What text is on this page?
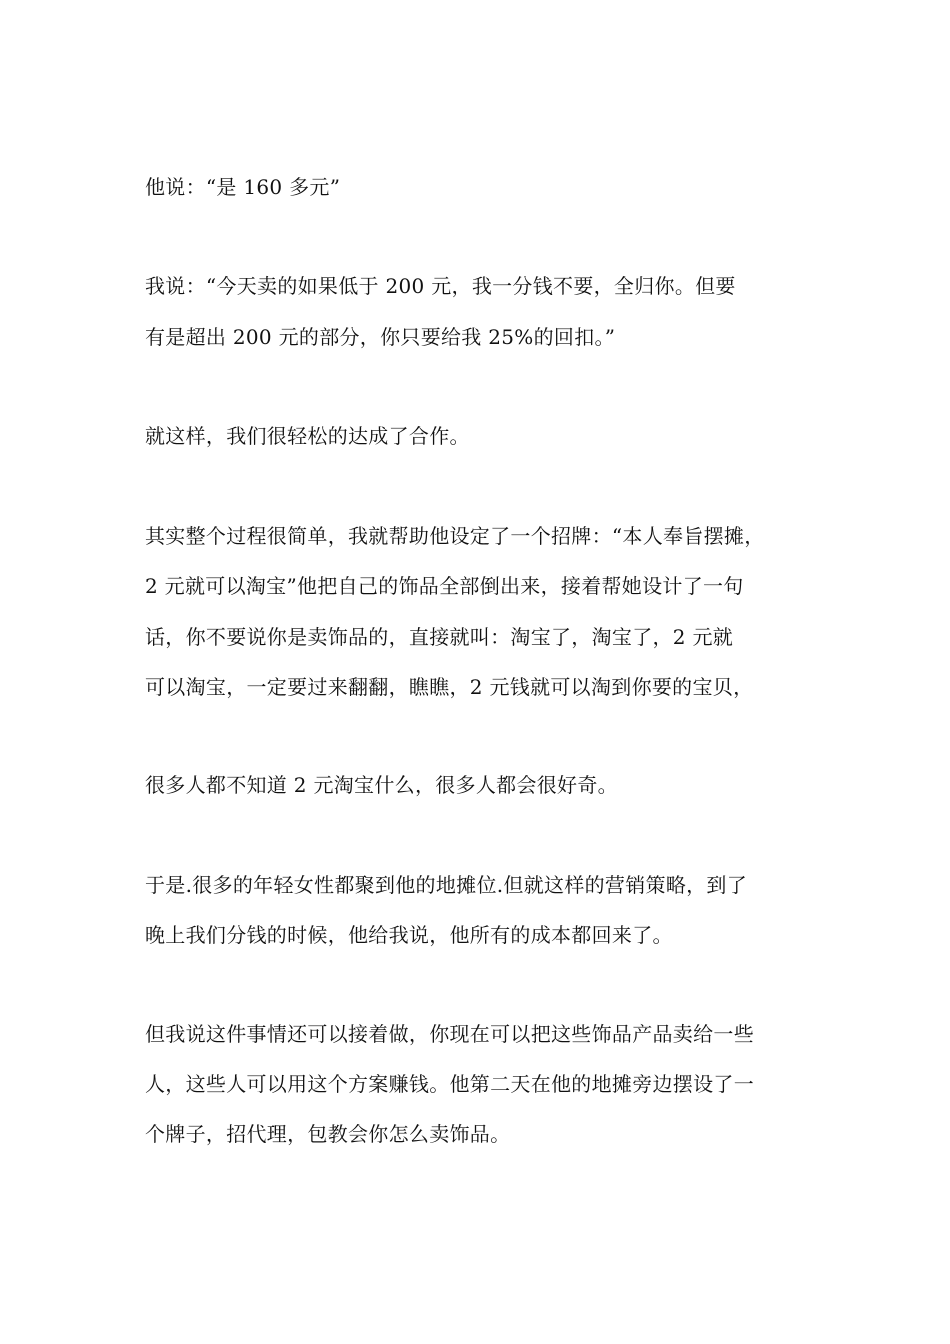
他说：“是 160 多元”
我说：“今天卖的如果低于 200 元，我一分钱不要，全归你。但要
有是超出 200 元的部分，你只要给我 25%的回扣。”
就这样，我们很轻松的达成了合作。
其实整个过程很简单，我就帮助他设定了一个招牌：“本人奉旨摆摊，
2 元就可以淘宝”他把自己的饰品全部倒出来，接着帮她设计了一句
话，你不要说你是卖饰品的，直接就叫：淘宝了，淘宝了，2 元就
可以淘宝，一定要过来翻翻，瞧瞧，2 元钱就可以淘到你要的宝贝，
很多人都不知道 2 元淘宝什么，很多人都会很好奇。
于是.很多的年轻女性都聚到他的地摊位.但就这样的营销策略，到了
晚上我们分钱的时候，他给我说，他所有的成本都回来了。
但我说这件事情还可以接着做，你现在可以把这些饰品产品卖给一些
人，这些人可以用这个方案赚钱。他第二天在他的地摊旁边摆设了一
个牌子，招代理，包教会你怎么卖饰品。
